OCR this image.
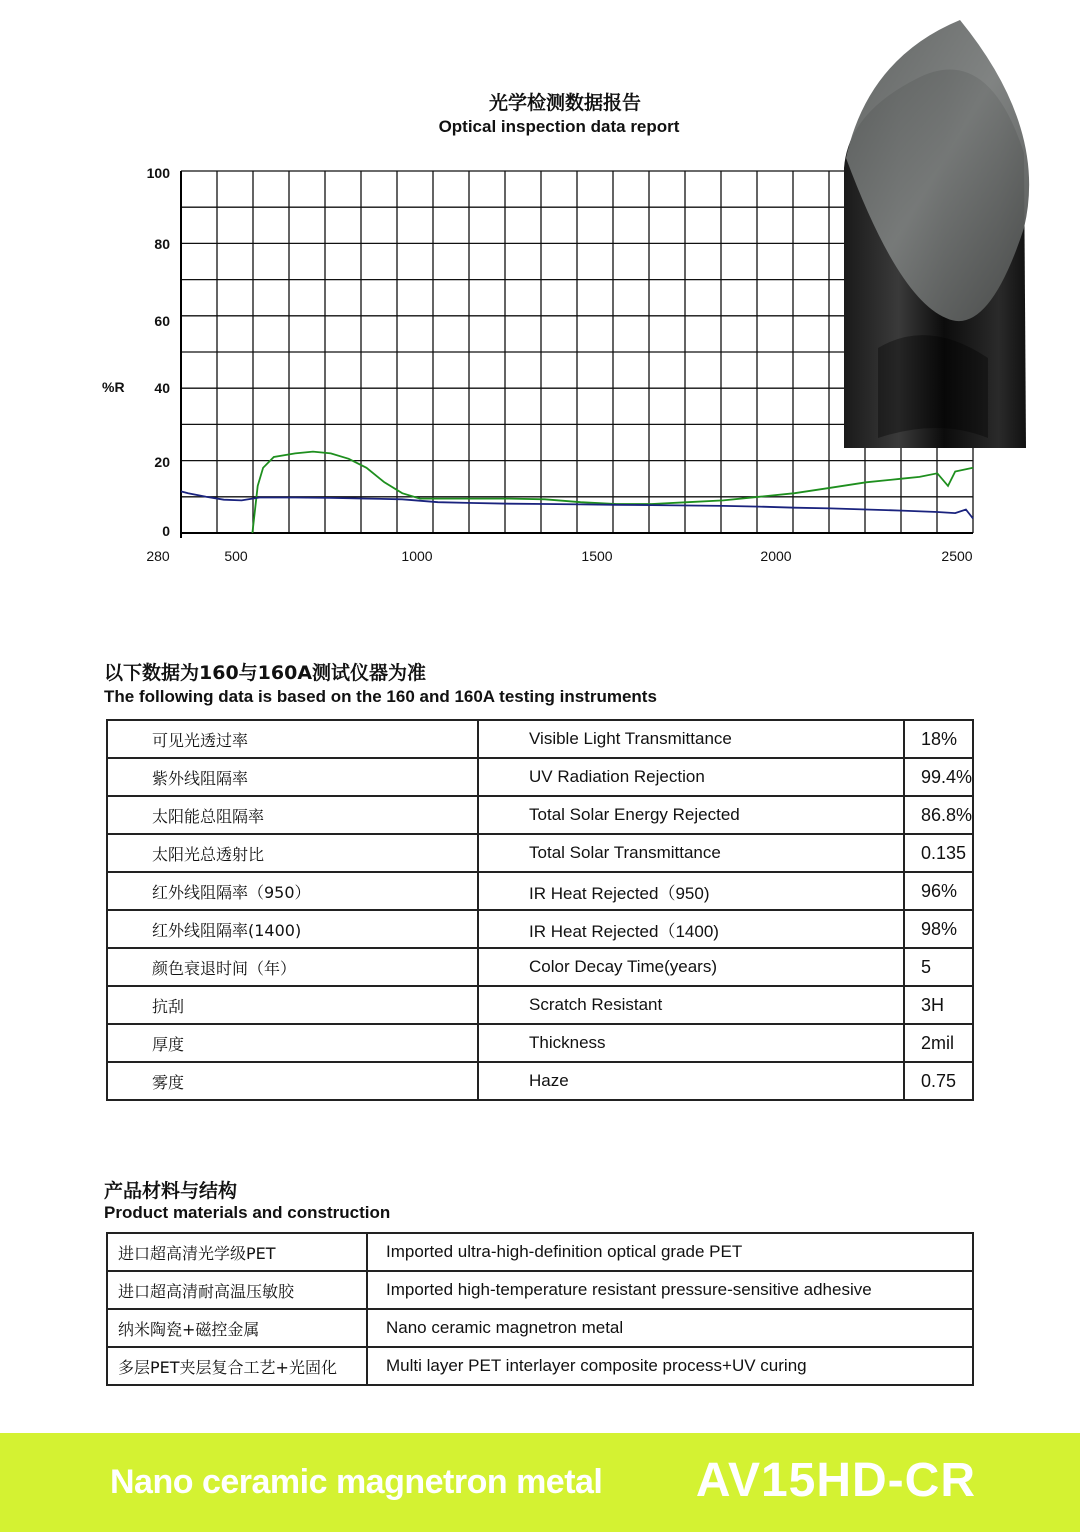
光学检测数据报告
Optical inspection data report
100
80
60
40
20
0
280	500	1000	1500	2000	2500
%R
以下数据为160与160A测试仪器为准
The following data is based on the 160 and 160A testing instruments
可见光透过率	Visible Light Transmittance	18%
紫外线阻隔率	UV Radiation Rejection	99.4%
太阳能总阻隔率	Total Solar Energy Rejected	86.8%
太阳光总透射比	Total Solar Transmittance	0.135
红外线阻隔率（950）	IR Heat Rejected（950)	96%
红外线阻隔率(1400)	IR Heat Rejected（1400)	98%
颜色衰退时间（年）	Color Decay Time(years)	5
抗刮	Scratch Resistant	3H
厚度	Thickness	2mil
雾度	Haze	0.75
产品材料与结构
Product materials and construction
进口超高清光学级PET	Imported ultra-high-definition optical grade PET
进口超高清耐高温压敏胶	Imported high-temperature resistant pressure-sensitive adhesive
纳米陶瓷+磁控金属	Nano ceramic magnetron metal
多层PET夹层复合工艺+光固化	Multi layer PET interlayer composite process+UV curing
Nano ceramic magnetron metal AV15HD-CR
